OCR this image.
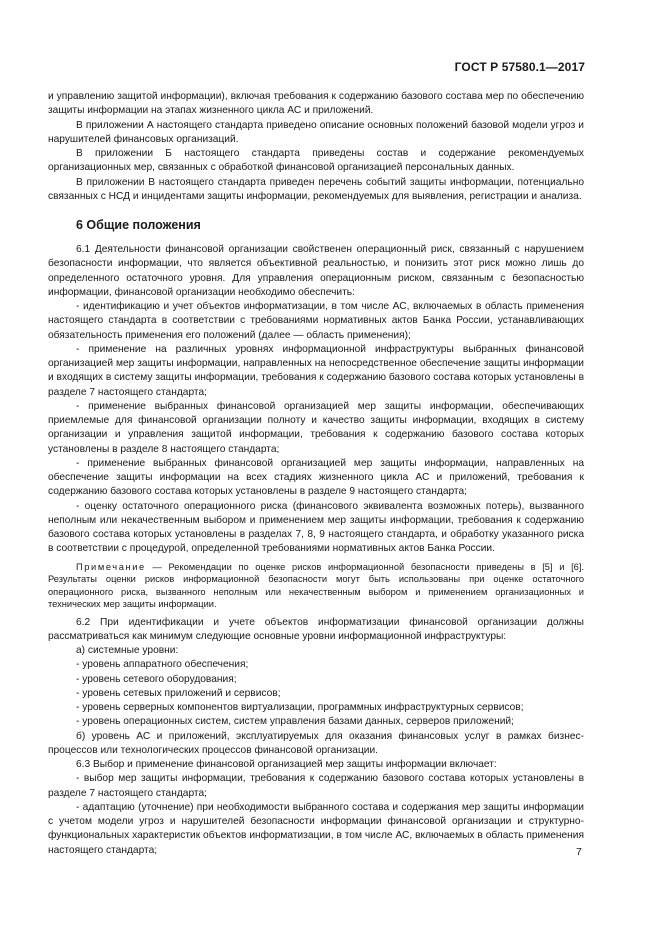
ГОСТ Р 57580.1—2017

и управлению защитой информации), включая требования к содержанию базового состава мер по обеспечению защиты информации на этапах жизненного цикла АС и приложений.

В приложении А настоящего стандарта приведено описание основных положений базовой модели угроз и нарушителей финансовых организаций.

В приложении Б настоящего стандарта приведены состав и содержание рекомендуемых организационных мер, связанных с обработкой финансовой организацией персональных данных.

В приложении В настоящего стандарта приведен перечень событий защиты информации, потенциально связанных с НСД и инцидентами защиты информации, рекомендуемых для выявления, регистрации и анализа.

6 Общие положения

6.1 Деятельности финансовой организации свойственен операционный риск, связанный с нарушением безопасности информации, что является объективной реальностью, и понизить этот риск можно лишь до определенного остаточного уровня. Для управления операционным риском, связанным с безопасностью информации, финансовой организации необходимо обеспечить:

- идентификацию и учет объектов информатизации, в том числе АС, включаемых в область применения настоящего стандарта в соответствии с требованиями нормативных актов Банка России, устанавливающих обязательность применения его положений (далее — область применения);

- применение на различных уровнях информационной инфраструктуры выбранных финансовой организацией мер защиты информации, направленных на непосредственное обеспечение защиты информации и входящих в систему защиты информации, требования к содержанию базового состава которых установлены в разделе 7 настоящего стандарта;

- применение выбранных финансовой организацией мер защиты информации, обеспечивающих приемлемые для финансовой организации полноту и качество защиты информации, входящих в систему организации и управления защитой информации, требования к содержанию базового состава которых установлены в разделе 8 настоящего стандарта;

- применение выбранных финансовой организацией мер защиты информации, направленных на обеспечение защиты информации на всех стадиях жизненного цикла АС и приложений, требования к содержанию базового состава которых установлены в разделе 9 настоящего стандарта;

- оценку остаточного операционного риска (финансового эквивалента возможных потерь), вызванного неполным или некачественным выбором и применением мер защиты информации, требования к содержанию базового состава которых установлены в разделах 7, 8, 9 настоящего стандарта, и обработку указанного риска в соответствии с процедурой, определенной требованиями нормативных актов Банка России.

Примечание — Рекомендации по оценке рисков информационной безопасности приведены в [5] и [6]. Результаты оценки рисков информационной безопасности могут быть использованы при оценке остаточного операционного риска, вызванного неполным или некачественным выбором и применением организационных и технических мер защиты информации.

6.2 При идентификации и учете объектов информатизации финансовой организации должны рассматриваться как минимум следующие основные уровни информационной инфраструктуры:

а) системные уровни:

- уровень аппаратного обеспечения;

- уровень сетевого оборудования;

- уровень сетевых приложений и сервисов;

- уровень серверных компонентов виртуализации, программных инфраструктурных сервисов;

- уровень операционных систем, систем управления базами данных, серверов приложений;

б) уровень АС и приложений, эксплуатируемых для оказания финансовых услуг в рамках бизнес-процессов или технологических процессов финансовой организации.

6.3 Выбор и применение финансовой организацией мер защиты информации включает:

- выбор мер защиты информации, требования к содержанию базового состава которых установлены в разделе 7 настоящего стандарта;

- адаптацию (уточнение) при необходимости выбранного состава и содержания мер защиты информации с учетом модели угроз и нарушителей безопасности информации финансовой организации и структурно-функциональных характеристик объектов информатизации, в том числе АС, включаемых в область применения настоящего стандарта;	7
